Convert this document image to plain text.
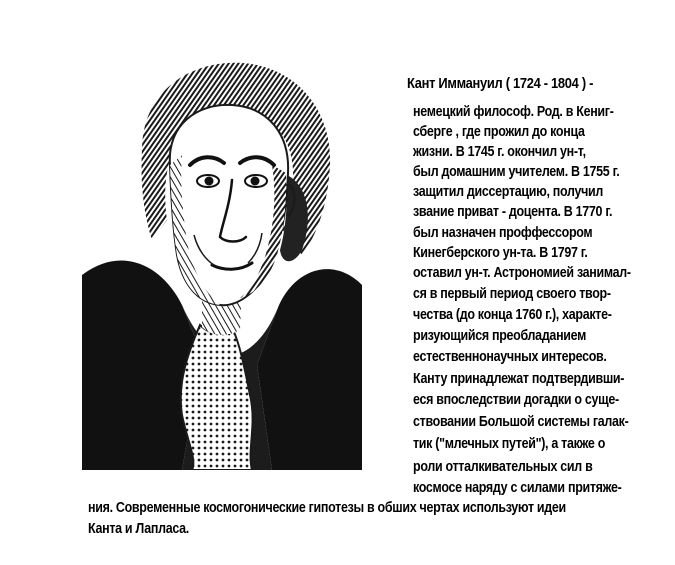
Кант Иммануил ( 1724 - 1804 ) -
немецкий философ. Род. в Кениг-
сберге , где прожил до конца
жизни. В 1745 г. окончил ун-т,
был домашним учителем. В 1755 г.
защитил диссертацию, получил
звание приват - доцента. В 1770 г.
был назначен проффессором
Кинегберского ун-та. В 1797 г.
оставил ун-т. Астрономией занимал-
ся в первый период своего твор-
чества (до конца 1760 г.), характе-
ризующийся преобладанием
естественнонаучных интересов.
Канту принадлежат подтвердивши-
еся впоследствии догадки о суще-
ствовании Большой системы галак-
тик ("млечных путей"), а также о
роли отталкивательных сил в
космосе наряду с силами притяже-
ния. Современные космогонические гипотезы в обших чертах используют идеи
Канта и Лапласа.
